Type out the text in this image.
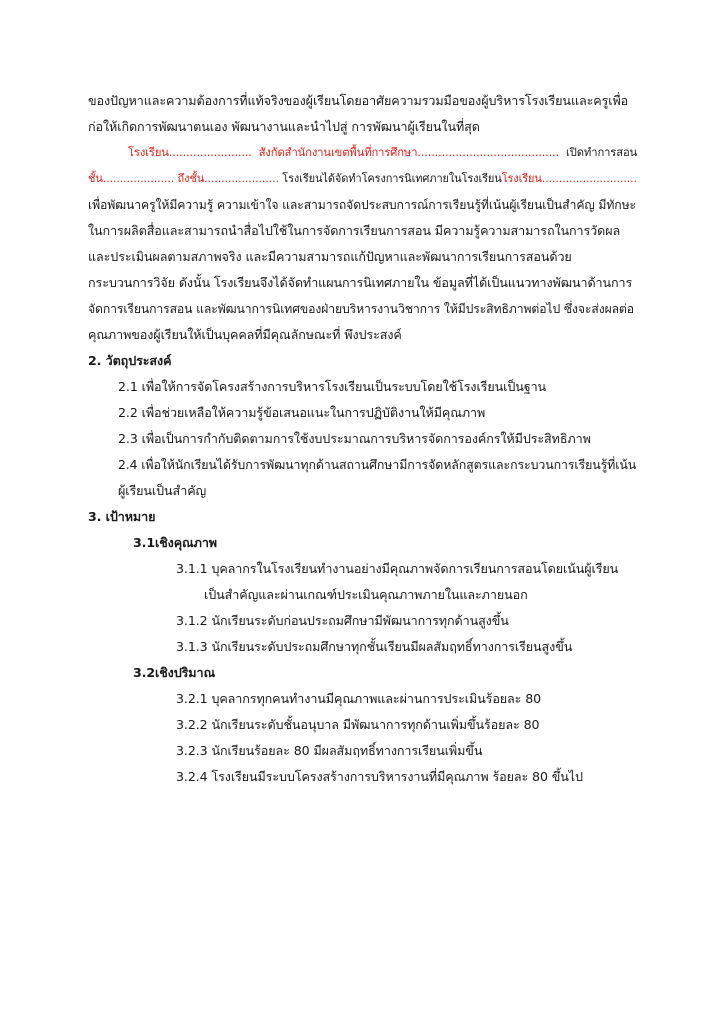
ของปัญหาและความต้องการที่แท้จริงของผู้เรียนโดยอาศัยความรวมมือของผู้บริหารโรงเรียนและครูเพื่อ
ก่อให้เกิดการพัฒนาตนเอง พัฒนางานและนำไปสู่ การพัฒนาผู้เรียนในที่สุด
โรงเรียน........................ สังกัดสำนักงานเขตพื้นที่การศึกษา......................................... เปิดทำการสอน
ชั้น..................... ถึงชั้น...................... โรงเรียนได้จัดทำโครงการนิเทศภายในโรงเรียนโรงเรียน............................
เพื่อพัฒนาครูให้มีความรู้ ความเข้าใจ และสามารถจัดประสบการณ์การเรียนรู้ที่เน้นผู้เรียนเป็นสำคัญ มีทักษะ
ในการผลิตสื่อและสามารถนำสื่อไปใช้ในการจัดการเรียนการสอน มีความรู้ความสามารถในการวัดผล
และประเมินผลตามสภาพจริง และมีความสามารถแก้ปัญหาและพัฒนาการเรียนการสอนด้วย
กระบวนการวิจัย ดังนั้น โรงเรียนจึงได้จัดทำแผนการนิเทศภายใน ข้อมูลที่ได้เป็นแนวทางพัฒนาด้านการ
จัดการเรียนการสอน และพัฒนาการนิเทศของฝ่ายบริหารงานวิชาการ ให้มีประสิทธิภาพต่อไป ซึ่งจะส่งผลต่อ
คุณภาพของผู้เรียนให้เป็นบุคคลที่มีคุณลักษณะที่ พึงประสงค์
2. วัตถุประสงค์
2.1 เพื่อให้การจัดโครงสร้างการบริหารโรงเรียนเป็นระบบโดยใช้โรงเรียนเป็นฐาน
2.2 เพื่อช่วยเหลือให้ความรู้ข้อเสนอแนะในการปฏิบัติงานให้มีคุณภาพ
2.3 เพื่อเป็นการกำกับติดตามการใช้งบประมาณการบริหารจัดการองค์กรให้มีประสิทธิภาพ
2.4 เพื่อให้นักเรียนได้รับการพัฒนาทุกด้านสถานศึกษามีการจัดหลักสูตรและกระบวนการเรียนรู้ที่เน้น
ผู้เรียนเป็นสำคัญ
3. เป้าหมาย
3.1เชิงคุณภาพ
3.1.1 บุคลากรในโรงเรียนทำงานอย่างมีคุณภาพจัดการเรียนการสอนโดยเน้นผู้เรียน
เป็นสำคัญและผ่านเกณฑ์ประเมินคุณภาพภายในและภายนอก
3.1.2 นักเรียนระดับก่อนประถมศึกษามีพัฒนาการทุกด้านสูงขึ้น
3.1.3 นักเรียนระดับประถมศึกษาทุกชั้นเรียนมีผลสัมฤทธิ์ทางการเรียนสูงขึ้น
3.2เชิงปริมาณ
3.2.1 บุคลากรทุกคนทำงานมีคุณภาพและผ่านการประเมินร้อยละ 80
3.2.2 นักเรียนระดับชั้นอนุบาล มีพัฒนาการทุกด้านเพิ่มขึ้นร้อยละ 80
3.2.3 นักเรียนร้อยละ 80 มีผลสัมฤทธิ์ทางการเรียนเพิ่มขึ้น
3.2.4 โรงเรียนมีระบบโครงสร้างการบริหารงานที่มีคุณภาพ ร้อยละ 80 ขึ้นไป
